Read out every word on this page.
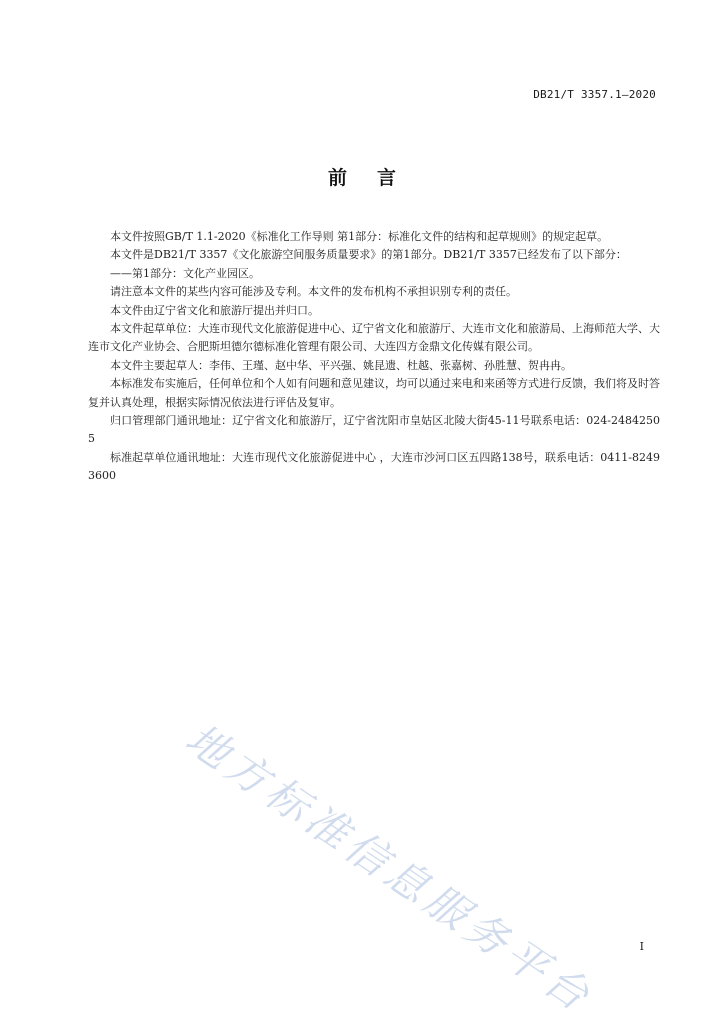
DB21/T 3357.1—2020
前言

本文件按照GB/T 1.1-2020《标准化工作导则 第1部分：标准化文件的结构和起草规则》的规定起草。

本文件是DB21/T 3357《文化旅游空间服务质量要求》的第1部分。DB21/T 3357已经发布了以下部分：

——第1部分：文化产业园区。

请注意本文件的某些内容可能涉及专利。本文件的发布机构不承担识别专利的责任。

本文件由辽宁省文化和旅游厅提出并归口。

本文件起草单位：大连市现代文化旅游促进中心、辽宁省文化和旅游厅、大连市文化和旅游局、上海师范大学、大连市文化产业协会、合肥斯坦德尔德标准化管理有限公司、大连四方金鼎文化传媒有限公司。

本文件主要起草人：李伟、王瑾、赵中华、平兴强、姚昆遗、杜越、张嘉树、孙胜慧、贺冉冉。

本标准发布实施后，任何单位和个人如有问题和意见建议，均可以通过来电和来函等方式进行反馈，我们将及时答复并认真处理，根据实际情况依法进行评估及复审。

归口管理部门通讯地址：辽宁省文化和旅游厅，辽宁省沈阳市皇姑区北陵大街45-11号联系电话：024-24842505

标准起草单位通讯地址：大连市现代文化旅游促进中心 ，大连市沙河口区五四路138号，联系电话：0411-82493600

地方标准信息服务平台	I
